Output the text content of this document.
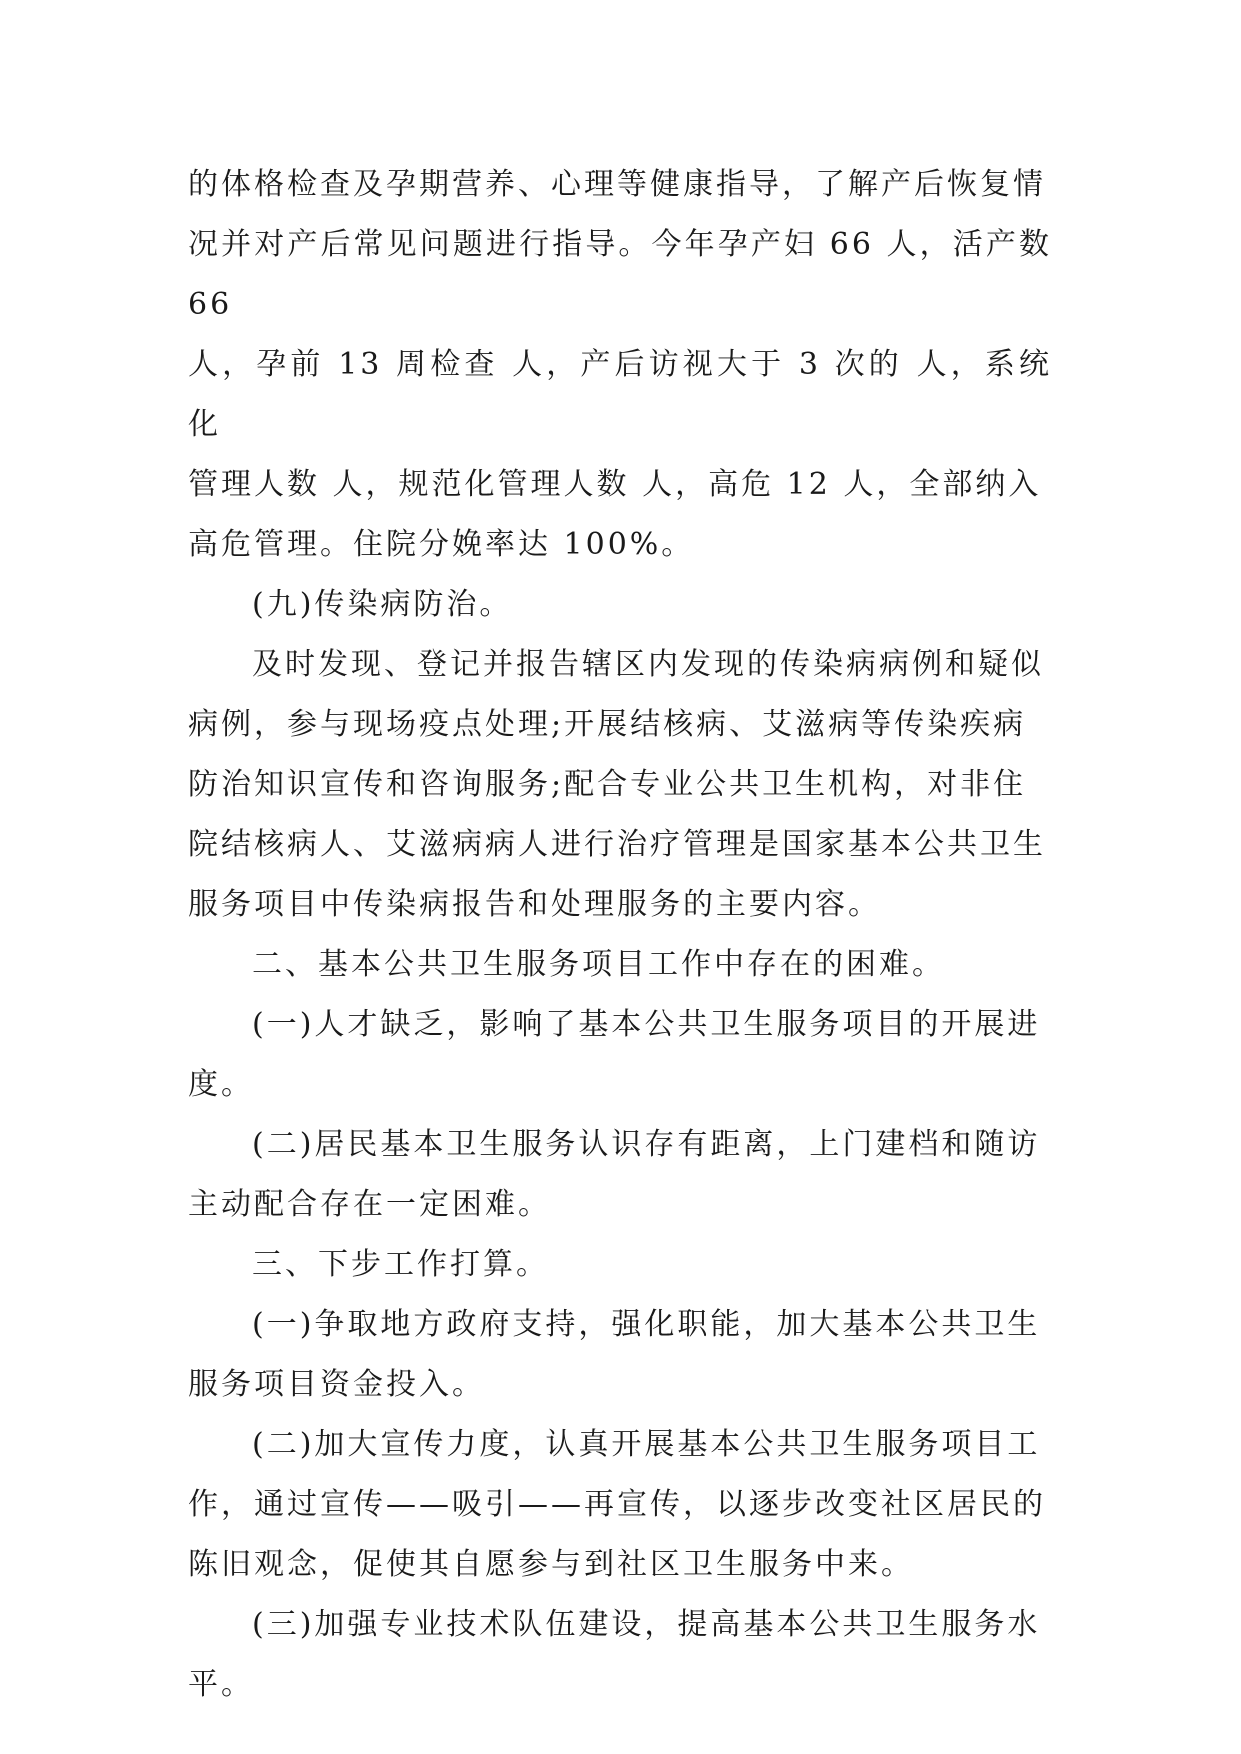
的体格检查及孕期营养、心理等健康指导，了解产后恢复情
况并对产后常见问题进行指导。今年孕产妇 66 人，活产数 66
人，孕前 13 周检查 人，产后访视大于 3 次的 人，系统化
管理人数 人，规范化管理人数 人，高危 12 人，全部纳入
高危管理。住院分娩率达 100%。

(九)传染病防治。

及时发现、登记并报告辖区内发现的传染病病例和疑似
病例，参与现场疫点处理;开展结核病、艾滋病等传染疾病
防治知识宣传和咨询服务;配合专业公共卫生机构，对非住
院结核病人、艾滋病病人进行治疗管理是国家基本公共卫生
服务项目中传染病报告和处理服务的主要内容。

二、基本公共卫生服务项目工作中存在的困难。

(一)人才缺乏，影响了基本公共卫生服务项目的开展进
度。

(二)居民基本卫生服务认识存有距离，上门建档和随访
主动配合存在一定困难。

三、下步工作打算。

(一)争取地方政府支持，强化职能，加大基本公共卫生
服务项目资金投入。

(二)加大宣传力度，认真开展基本公共卫生服务项目工
作，通过宣传——吸引——再宣传，以逐步改变社区居民的
陈旧观念，促使其自愿参与到社区卫生服务中来。

(三)加强专业技术队伍建设，提高基本公共卫生服务水
平。
